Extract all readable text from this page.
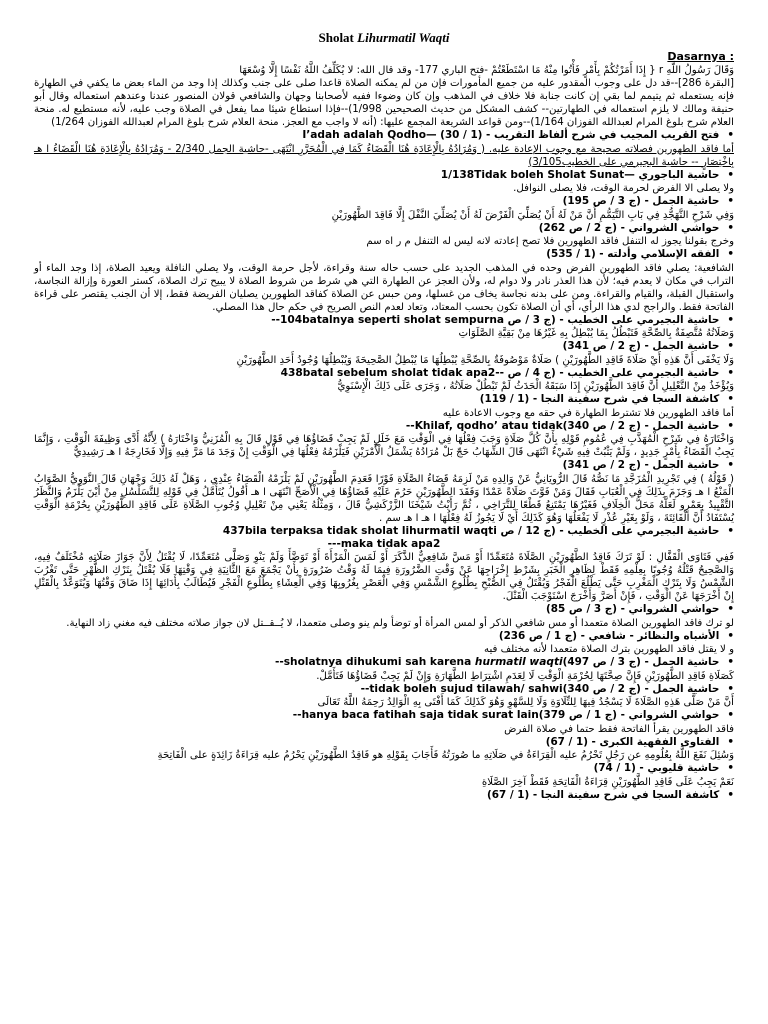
Sholat Lihurmatil Waqti

: Dasarnya

وَقَالَ رَسُولُ اللَّهِ r { إِذَا أَمَرْتُكُمْ بِأَمْرٍ فَأْتُوا مِنْهُ مَا اسْتَطَعْتُمْ -فتح الباري 177- وقد قال الله: لا يُكَلِّفُ اللَّهُ نَفْسًا إِلَّا وُسْعَهَا

[البقرة 286]--قد دل على وجوب المقدور عليه من جميع المأمورات فإن من لم يمكنه الصلاة قاعدا صلى على جنب وكذلك إذا وجد من الماء بعض ما يكفي في الطهارة فإنه يستعمله ثم يتيمم لما بقي إن كانت جنابة فلا خلاف في المذهب وإن كان وضوءا ففيه لأصحابنا وجهان والشافعي قولان المنصور عندنا وعندهم استعماله وقال أبو حنيفة ومالك لا يلزم استعماله في الطهارتين-- كشف المشكل من حديث الصحيحين 1/998)--فإذا استطاع شيئا مما يفعل في الصلاة وجب عليه، لأنه مستطيع له. منحة العلام شرح بلوغ المرام لعبدالله الفوزان 1/164)--ومن قواعد الشريعة المجمع عليها: (أنه لا واجب مع العجز. منحة العلام شرح بلوغ المرام لعبدالله الفوزان 1/264)

• فتح القريب المجيب في شرح ألفاظ التقريب - (1 / 30) I’adah adalah Qodho—

أما فاقد الطهورين فصلاته صحيحة مع وجوب الإعادة عليه. ( وَمُرَادُهُ بِالْإِعَادَةِ هُنَا الْقَضَاءُ كَمَا فِي الْمُحَرَّرِ انْتَهَى -حاشية الجمل 2/340 - وَمُرَادُهُ بِالْإِعَادَةِ هُنَا الْقَضَاءُ ا هـ بِاخْتِصَارٍ -- حاشية البجيرمي على الخطيب3/105)

• حاشية الباجوري 1/138Tidak boleh Sholat Sunat—

ولا يصلى الا الفرض لحرمة الوقت، فلا يصلى النوافل.

• حاشية الجمل - (ج 3 / ص 195)

وَفِي شَرْحِ التَّهَجُّدِ فِي بَابِ التَّيَمُّمِ أَنَّ مَنْ لَهُ أَنْ يُصَلِّيَ الْفَرْضَ لَهُ أَنْ يُصَلِّيَ النَّفْلَ إِلَّا فَاقِدَ الطَّهُورَيْنِ

• حواشي الشرواني - (ج 2 / ص 262)

وخرج بقولنا يجوز له التنفل فاقد الطهورين فلا تصح إعادته لانه ليس له التنفل م ر اه سم

• الفقه الإسلامي وأدلته - (1 / 535)

الشافعية: يصلي فاقد الطهورين الفرض وحده في المذهب الجديد على حسب حاله سنة وقراءة، لأجل حرمة الوقت، ولا يصلي النافلة ويعيد الصلاة، إذا وجد الماء أو التراب في مكان لا يعدم فيه؛ لأن هذا العذر نادر ولا دوام له، ولأن العجز عن الطهارة التي هي شرط من شروط الصلاة لا يبيح ترك الصلاة، كستر العورة وإزالة النجاسة، واستقبال القبلة، والقيام والقراءة. ومن على بدنه نجاسة يخاف من غسلها، ومن حبس عن الصلاة كفاقد الطهورين يصليان الفريضة فقط، إلا أن الجنب يقتصر على قراءة الفاتحة فقط. والراجح لدي هذا الرأي، أي أن الصلاة تكون بحسب المعتاد، وتعاد لعدم النص الصريح في حكم حال هذا المصلي.

• حاشية البجيرمي على الخطيب - (ج 3 / ص --104batalnya seperti sholat sempurna

وَصَلَاتُهُ مُتَّصِفَةٌ بِالصِّحَّةِ فَتَبْطُلُ بِمَا يُبْطِلُ بِهِ غَيْرُهَا مِنْ بَقِيَّةِ الصَّلَوَاتِ

• حاشية الجمل - (ج 2 / ص 341)

وَلَا يَخْفَى أَنَّ هَذِهِ أَيْ صَلَاةَ فَاقِدِ الطَّهُورَيْنِ ) صَلَاةٌ مَوْصُوفَةٌ بِالصِّحَّةِ يُبْطِلُهَا مَا يُبْطِلُ الصَّحِيحَةَ وَيُبْطِلُهَا وُجُودُ أَحَدِ الطَّهُورَيْنِ

• حاشية البجيرمي على الخطيب - (ج 4 / ص 438batal sebelum sholat tidak apa2--

وَيُؤْخَذُ مِنْ التَّعْلِيلِ أَنَّ فَاقِدَ الطَّهُورَيْنِ إِذَا سَبَقَهُ الْحَدَثُ لَمْ تَبْطُلْ صَلَاتُهُ ، وَجَرَى عَلَى ذَلِكَ الْإِسْنَوِيُّ

• كاشفة السجا في شرح سفينة النجا - (1 / 119)

أما فاقد الطهورين فلا تشترط الطهارة في حقه مع وجوب الاعادة عليه

• حاشية الجمل - (ج 2 / ص 340)--Khilaf, qodho’ atau tidak

وَاخْتَارَهُ فِي شَرْحِ الْمُهَذَّبِ فِي عُمُومِ قَوْلِهِ بِأَنَّ كُلَّ صَلَاةٍ وَجَبَ فِعْلُهَا فِي الْوَقْتِ مَعَ خَلَلٍ لَمْ يَجِبْ قَضَاؤُهَا فِي قَوْلٍ قَالَ بِهِ الْمُزَنِيُّ وَاخْتَارَهُ ) لِأَنَّهُ أَدَّى وَظِيفَةَ الْوَقْتِ ، وَإِنَّمَا يَجِبُ الْقَضَاءُ بِأَمْرٍ جَدِيدٍ ، وَلَمْ يَثْبُتْ فِيهِ شَيْءٌ انْتَهَى قَالَ الشِّهَابُ حَجّ بَلْ مُرَادُهُ يَشْمَلُ الْأَمْرَيْنِ فَيَلْزَمُهُ فِعْلُهَا فِي الْوَقْتِ إِنْ وَجَدَ مَا مَرَّ فِيهِ وَإِلَّا فَخَارِجَهُ ا هـ رَشِيدِيٌّ

• حاشية الجمل - (ج 2 / ص 341)

( قَوْلُهُ ) فِي تَجْرِيدِ الْمُزَجَّدِ مَا نَصُّهُ قَالَ الرُّويَانِيُّ عَنْ وَالِدِهِ مَنْ لَزِمَهُ قَضَاءُ الصَّلَاةِ فَوْرًا فَعَدِمَ الطَّهُورَيْنِ لَمْ يَلْزَمْهُ الْقَضَاءُ عِنْدِي ، وَهَلْ لَهُ ذَلِكَ وَجْهَانِ قَالَ النَّوَوِيُّ الصَّوَابُ الْمَنْعُ ا هـ وَجَزَمَ بِذَلِكَ فِي الْعُبَابِ فَقَالَ وَمَنْ فَوَّتَ صَلَاةً عَمْدًا وَفَقَدَ الطَّهُورَيْنِ حَرُمَ عَلَيْهِ قَضَاؤُهَا فِي الْأَصَحِّ انْتَهَى ا هـ أَقُولُ يُتَأَمَّلُ فِي قَوْلِهِ لِلتَّسَلْسُلِ مِنْ أَيْنَ يَلْزَمُ وَالنَّظَرُ التَّقْيِيدُ بِعَمْرٍو لَعَلَّهُ مَحَلُّ الْخِلَافِ فَغَيْرُهَا يَمْتَنِعُ قَطْعًا لِلتَّرَاخِي ، ثُمَّ رَأَيْتُ شَيْخَنَا الزَّرْكَشِيُّ قَالَ ، وَمِثْلُهُ يَعْنِي مِنْ تَعْلِيلِ وُجُوبِ الصَّلَاةِ عَلَى فَاقِدِ الطَّهُورَيْنِ بِحُرْمَةِ الْوَقْتِ يُسْتَفَادُ أَنَّ الْفَائِتَةَ ، وَلَوْ بِغَيْرِ عُذْرٍ لَا يَفْعَلُهَا وَهُوَ كَذَلِكَ أَيْ لَا يَجُوزُ لَهُ فِعْلُهَا ا هـ ا هـ سم .

• حاشية البجيرمي على الخطيب - (ج 12 / ص 437bila terpaksa tidak sholat lihurmatil waqti

---maka tidak apa2

فَفِي فَتَاوَى الْقَفَّالِ : لَوْ تَرَكَ فَاقِدُ الطَّهُورَيْنِ الصَّلَاةَ مُتَعَمِّدًا أَوْ مَسَّ شَافِعِيٌّ الذَّكَرَ أَوْ لَمَسَ الْمَرْأَةَ أَوْ تَوَضَّأَ وَلَمْ يَنْوِ وَصَلَّى مُتَعَمِّدًا، لَا يُقْتَلُ لِأَنَّ جَوَازَ صَلَاتِهِ مُخْتَلَفٌ فِيهِ، وَالصَّحِيحُ قَتْلُهُ وُجُوبًا بِعِلْمِهِ فَقَطْ لِظَاهِرِ الْخَبَرِ بِشَرْطِ إِخْرَاجِهَا عَنْ وَقْتِ الضَّرُورَةِ فِيمَا لَهُ وَقْتُ ضَرُورَةٍ بِأَنْ يَجْمَعَ مَعَ الثَّانِيَةِ فِي وَقْتِهَا فَلَا يُقْتَلُ بِتَرْكِ الظُّهْرِ حَتَّى تَغْرُبَ الشَّمْسُ وَلَا بِتَرْكِ الْمَغْرِبِ حَتَّى يَطْلُعَ الْفَجْرُ وَيُقْتَلُ فِي الصُّبْحِ بِطُلُوعِ الشَّمْسِ وَفِي الْعَصْرِ بِغُرُوبِهَا وَفِي الْعِشَاءِ بِطُلُوعِ الْفَجْرِ فَيُطَالَبُ بِأَدَائِهَا إِذَا ضَاقَ وَقْتُهَا وَيُتَوَعَّدُ بِالْقَتْلِ إِنْ أَخْرَجَهَا عَنْ الْوَقْتِ ، فَإِنْ أَصَرَّ وَأَخْرَجَ اسْتَوْجَبَ الْقَتْلَ.

• حواشي الشرواني - (ج 3 / ص 85)

لو ترك فاقد الطهورين الصلاة متعمدا أو مس شافعي الذكر أو لمس المرأة أو توضأ ولم ينو وصلى متعمدا، لا يُــقــتل لان جواز صلاته مختلف فيه مغني زاد النهاية.

• الأشباه والنظائر - شافعي - (ج 1 / ص 236)

و لا يقتل فاقد الطهورين بترك الصلاة متعمدا لأنه مختلف فيه

• حاشية الجمل - (ج 3 / ص 497)--sholatnya dihukumi sah karena hurmatil waqti

كَصَلَاةِ فَاقِدِ الطَّهُورَيْنِ فَإِنَّ صِحَّتَهَا لِحُرْمَةِ الْوَقْتِ لَا لِعَدَمِ اشْتِرَاطِ الطَّهَارَةِ وَإِنْ لَمْ يَجِبْ قَضَاؤُهَا فَتَأَمَّلْ.

• حاشية الجمل - (ج 2 / ص 340)--tidak boleh sujud tilawah/ sahwi

أَنَّ مَنْ صَلَّى هَذِهِ الصَّلَاةَ لَا يَسْجُدُ فِيهَا لِلتِّلَاوَةِ وَلَا لِلسَّهْوِ وَهُوَ كَذَلِكَ كَمَا أَفْتَى بِهِ الْوَالِدُ رَحِمَهُ اللَّهُ تَعَالَى

• حواشي الشرواني - (ج 1 / ص 379)--hanya baca fatihah saja tidak surat lain

فاقد الطهورين يقرأ الفاتحة فقط حتما في صلاة الفرض

• الفتاوى الفقهية الكبرى - (1 / 67)

وَسُئِلَ نَفَعَ اللَّهُ بِعُلُومِهِ عن رَجُلٍ تَحْرُمُ عليه الْقِرَاءَةُ في صَلَاتِهِ ما صُورَتُهُ فَأَجَابَ بِقَوْلِهِ هو فَاقِدُ الطَّهُورَيْنِ يَحْرُمُ عليه قِرَاءَةُ زَائِدَةٍ على الْفَاتِحَةِ

• حاشية قليوبي - (1 / 74)

نَعَمْ يَجِبُ عَلَى فَاقِدِ الطَّهُورَيْنِ قِرَاءَةُ الْفَاتِحَةِ فَقَطْ آخِرَ الصَّلَاةِ

• كاشفة السجا في شرح سفينة النجا - (1 / 67)
